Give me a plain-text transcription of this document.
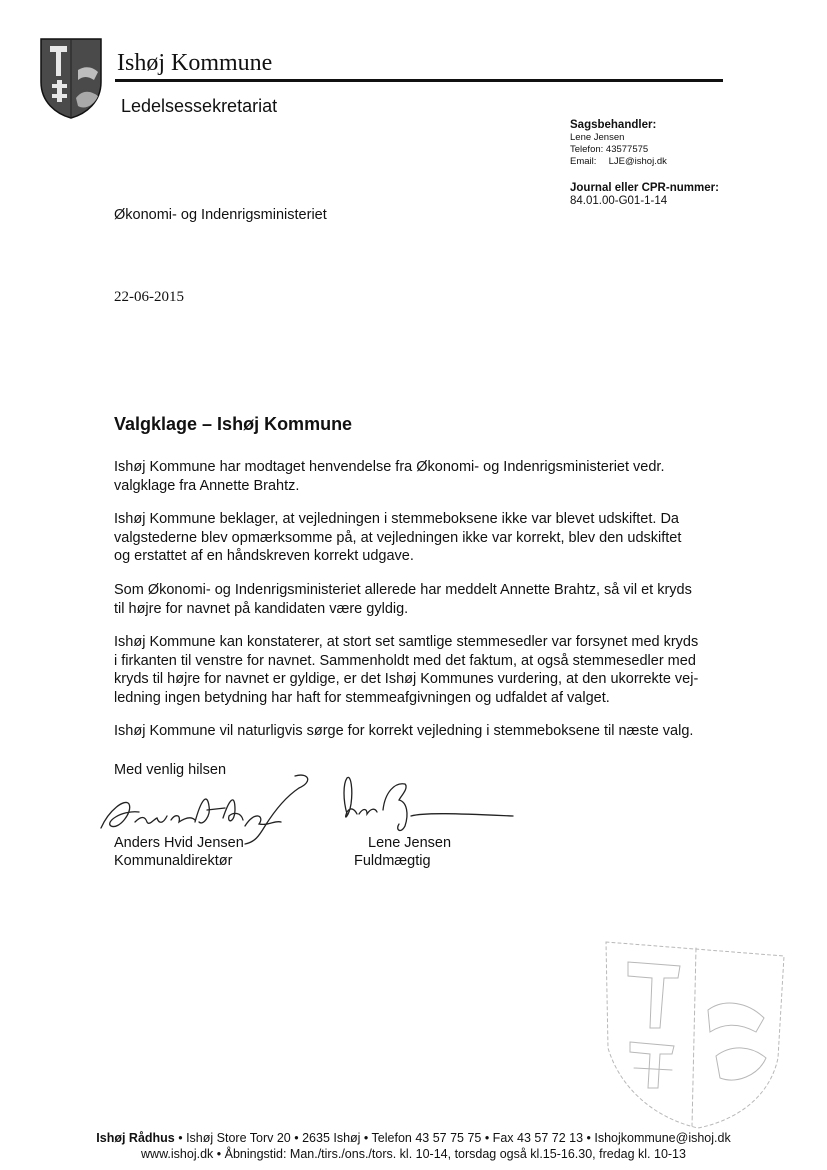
Ishøj Kommune
Ledelsessekretariat
Sagsbehandler:
Lene Jensen
Telefon: 43577575
Email: LJE@ishoj.dk
Journal eller CPR-nummer:
84.01.00-G01-1-14
Økonomi- og Indenrigsministeriet
22-06-2015
Valgklage – Ishøj Kommune
Ishøj Kommune har modtaget henvendelse fra Økonomi- og Indenrigsministeriet vedr.
valgklage fra Annette Brahtz.
Ishøj Kommune beklager, at vejledningen i stemmeboksene ikke var blevet udskiftet. Da
valgstederne blev opmærksomme på, at vejledningen ikke var korrekt, blev den udskiftet
og erstattet af en håndskreven korrekt udgave.
Som Økonomi- og Indenrigsministeriet allerede har meddelt Annette Brahtz, så vil et kryds
til højre for navnet på kandidaten være gyldig.
Ishøj Kommune kan konstaterer, at stort set samtlige stemmesedler var forsynet med kryds
i firkanten til venstre for navnet. Sammenholdt med det faktum, at også stemmesedler med
kryds til højre for navnet er gyldige, er det Ishøj Kommunes vurdering, at den ukorrekte vej-
ledning ingen betydning har haft for stemmeafgivningen og udfaldet af valget.
Ishøj Kommune vil naturligvis sørge for korrekt vejledning i stemmeboksene til næste valg.
Med venlig hilsen
Anders Hvid Jensen
Kommunaldirektør
Lene Jensen
Fuldmægtig
Ishøj Rådhus • Ishøj Store Torv 20 • 2635 Ishøj • Telefon 43 57 75 75 • Fax 43 57 72 13 • Ishojkommune@ishoj.dk
www.ishoj.dk • Åbningstid: Man./tirs./ons./tors. kl. 10-14, torsdag også kl.15-16.30, fredag kl. 10-13
